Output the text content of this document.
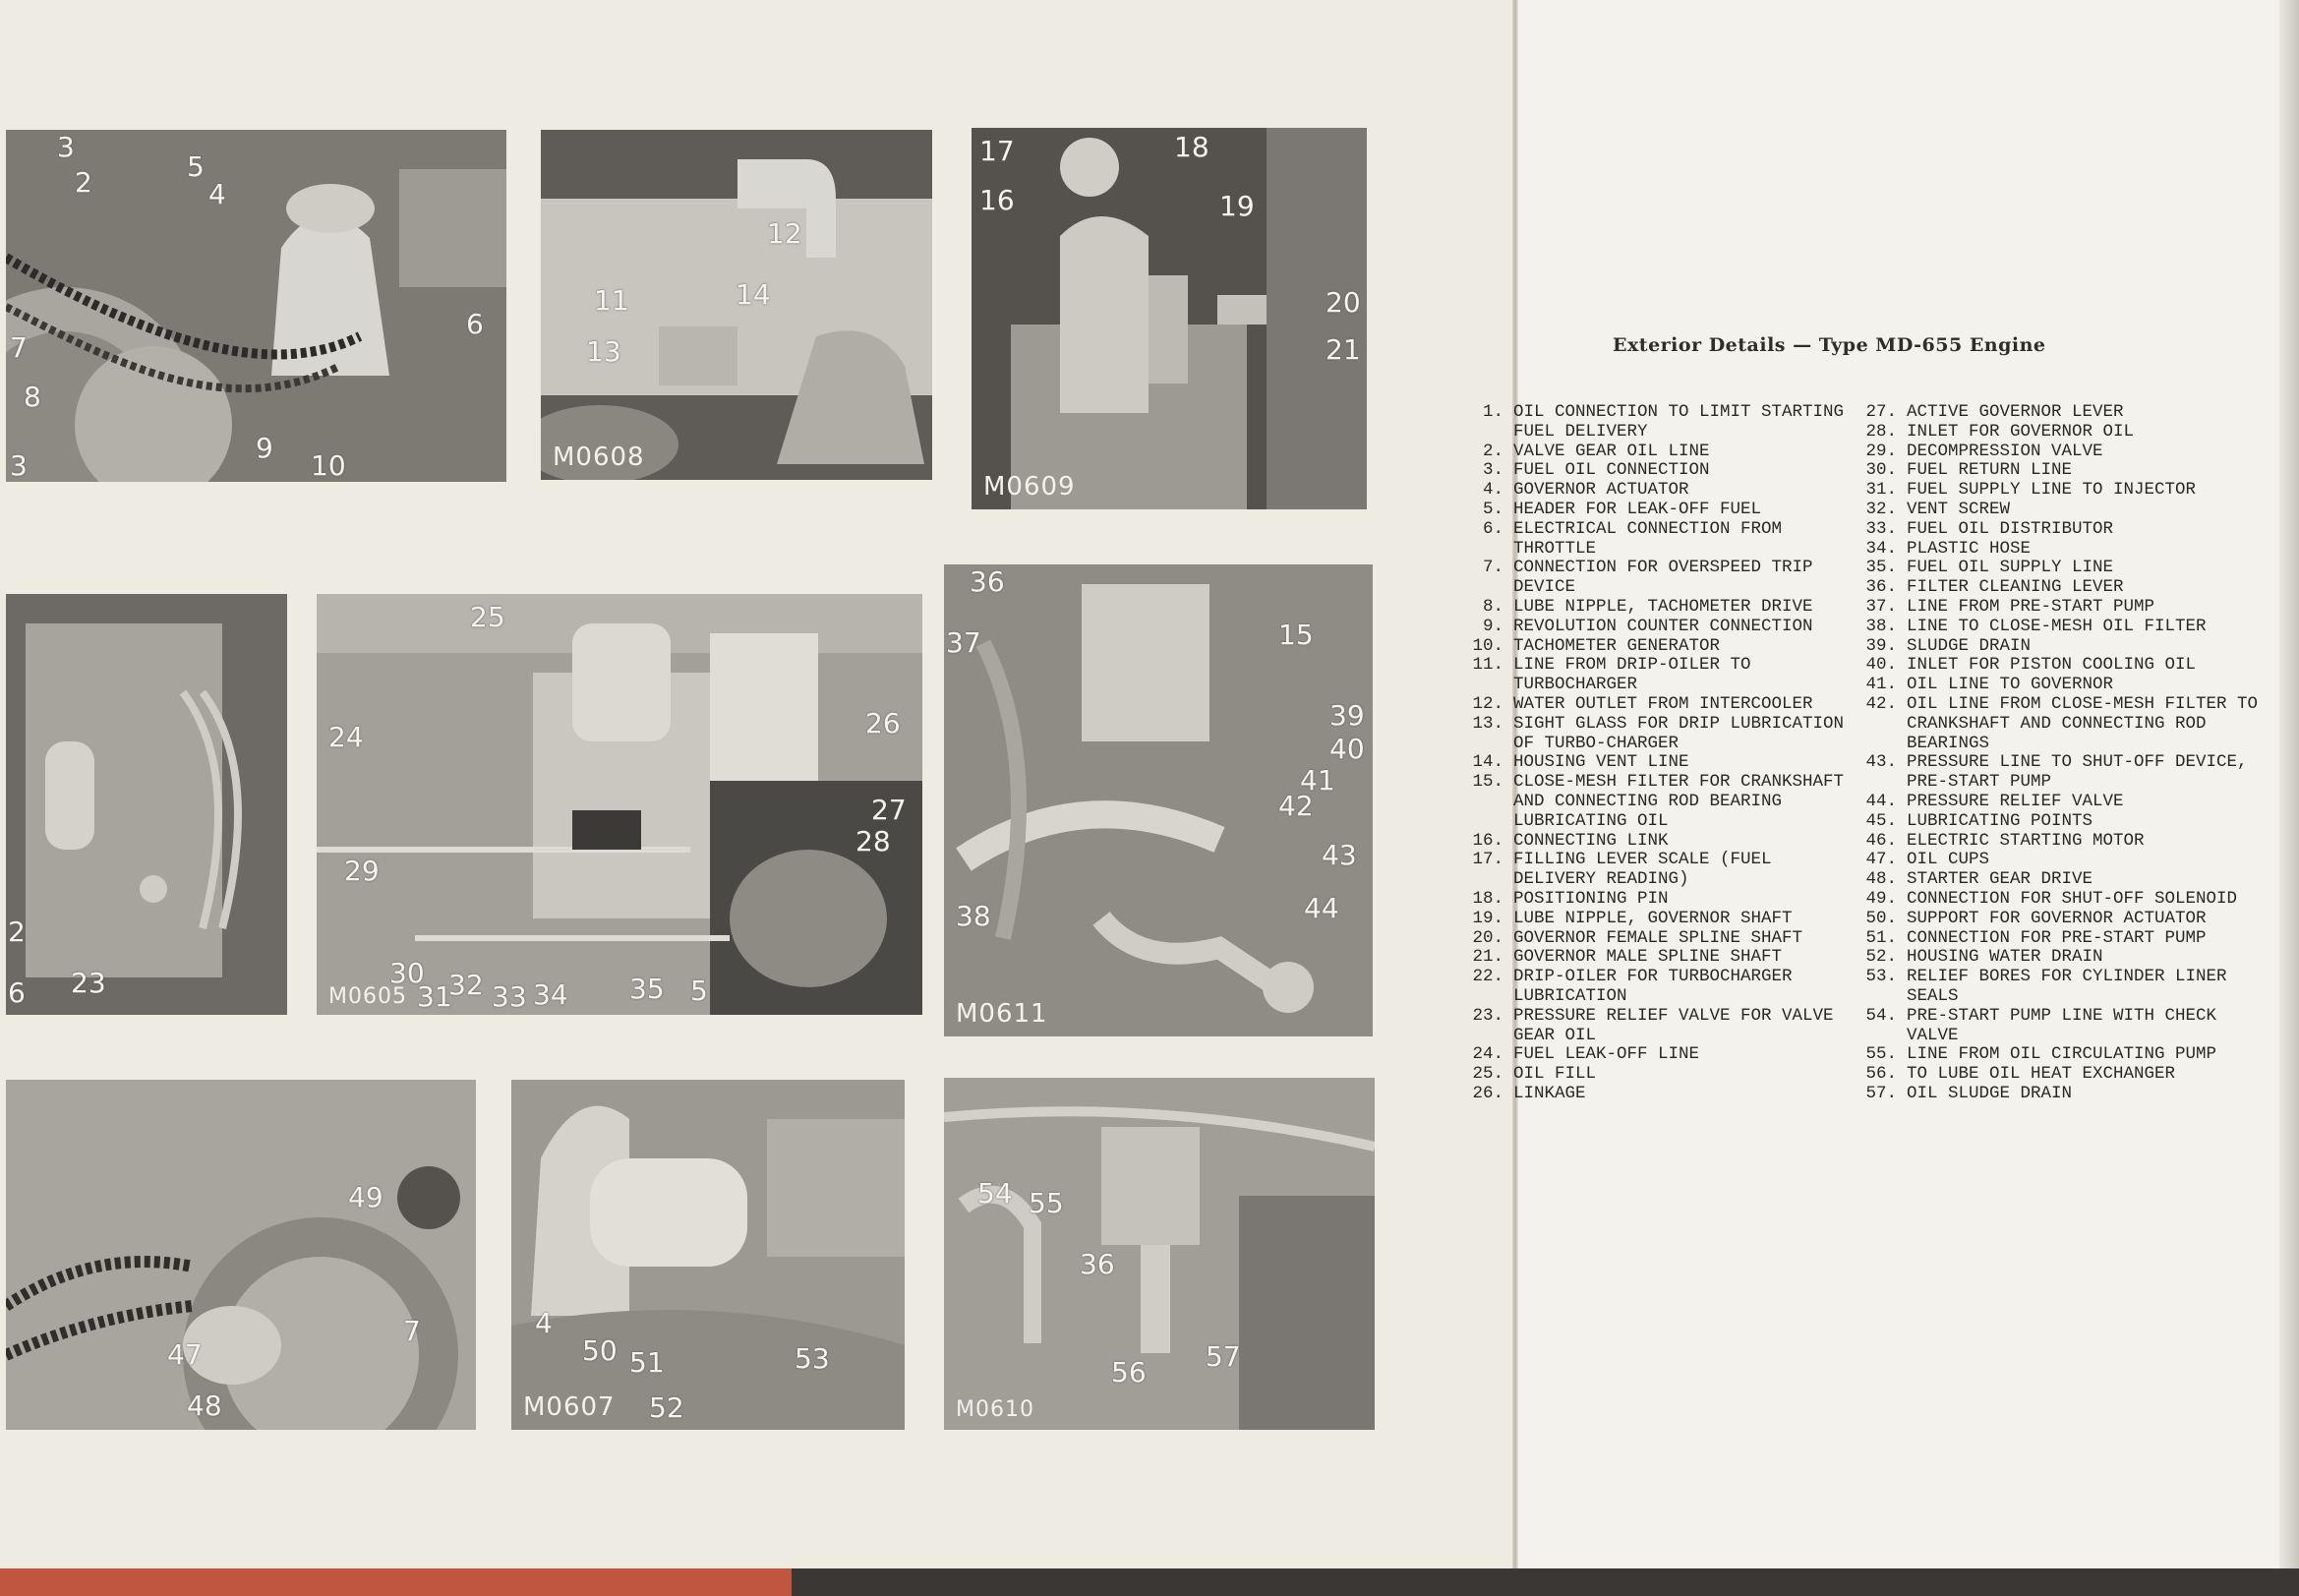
3
2	5
4
6
7
8
9
10
3
12
11	14
13
M0608
17	18
16	19
20
21
M0609
2
23
6
25
24	26
27
28
29
30
31
32 33 34 35 5
M0605
36
37	15
39
40
41
42
43
38	44
M0611
49
47
48
7	4
50 51
52
53
M0607
54 55
36
56 57
M0610
Exterior Details — Type MD-655 Engine
1. OIL CONNECTION TO LIMIT STARTING FUEL DELIVERY
2. VALVE GEAR OIL LINE
3. FUEL OIL CONNECTION
4. GOVERNOR ACTUATOR
5. HEADER FOR LEAK-OFF FUEL
6. ELECTRICAL CONNECTION FROM THROTTLE
7. CONNECTION FOR OVERSPEED TRIP DEVICE
8. LUBE NIPPLE, TACHOMETER DRIVE
9. REVOLUTION COUNTER CONNECTION
10. TACHOMETER GENERATOR
11. LINE FROM DRIP-OILER TO TURBOCHARGER
12. WATER OUTLET FROM INTERCOOLER
13. SIGHT GLASS FOR DRIP LUBRICATION OF TURBO-CHARGER
14. HOUSING VENT LINE
15. CLOSE-MESH FILTER FOR CRANKSHAFT AND CONNECTING ROD BEARING LUBRICATING OIL
16. CONNECTING LINK
17. FILLING LEVER SCALE (FUEL DELIVERY READING)
18. POSITIONING PIN
19. LUBE NIPPLE, GOVERNOR SHAFT
20. GOVERNOR FEMALE SPLINE SHAFT
21. GOVERNOR MALE SPLINE SHAFT
22. DRIP-OILER FOR TURBOCHARGER LUBRICATION
23. PRESSURE RELIEF VALVE FOR VALVE GEAR OIL
24. FUEL LEAK-OFF LINE
25. OIL FILL
26. LINKAGE
27. ACTIVE GOVERNOR LEVER
28. INLET FOR GOVERNOR OIL
29. DECOMPRESSION VALVE
30. FUEL RETURN LINE
31. FUEL SUPPLY LINE TO INJECTOR
32. VENT SCREW
33. FUEL OIL DISTRIBUTOR
34. PLASTIC HOSE
35. FUEL OIL SUPPLY LINE
36. FILTER CLEANING LEVER
37. LINE FROM PRE-START PUMP
38. LINE TO CLOSE-MESH OIL FILTER
39. SLUDGE DRAIN
40. INLET FOR PISTON COOLING OIL
41. OIL LINE TO GOVERNOR
42. OIL LINE FROM CLOSE-MESH FILTER TO CRANKSHAFT AND CONNECTING ROD BEARINGS
43. PRESSURE LINE TO SHUT-OFF DEVICE, PRE-START PUMP
44. PRESSURE RELIEF VALVE
45. LUBRICATING POINTS
46. ELECTRIC STARTING MOTOR
47. OIL CUPS
48. STARTER GEAR DRIVE
49. CONNECTION FOR SHUT-OFF SOLENOID
50. SUPPORT FOR GOVERNOR ACTUATOR
51. CONNECTION FOR PRE-START PUMP
52. HOUSING WATER DRAIN
53. RELIEF BORES FOR CYLINDER LINER SEALS
54. PRE-START PUMP LINE WITH CHECK VALVE
55. LINE FROM OIL CIRCULATING PUMP
56. TO LUBE OIL HEAT EXCHANGER
57. OIL SLUDGE DRAIN
